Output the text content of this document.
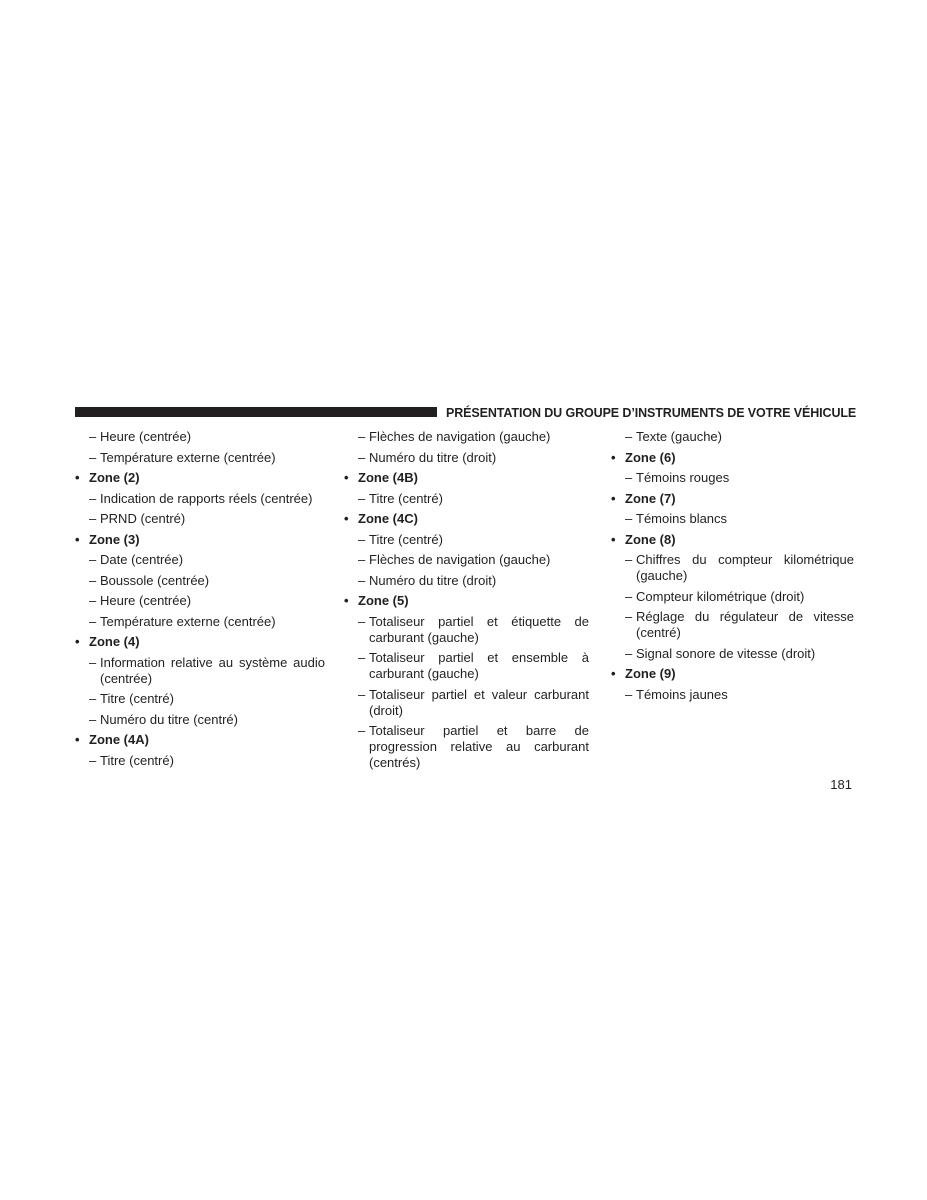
PRÉSENTATION DU GROUPE D’INSTRUMENTS DE VOTRE VÉHICULE
– Heure (centrée)
– Température externe (centrée)
• Zone (2)
– Indication de rapports réels (centrée)
– PRND (centré)
• Zone (3)
– Date (centrée)
– Boussole (centrée)
– Heure (centrée)
– Température externe (centrée)
• Zone (4)
– Information relative au système audio (centrée)
– Titre (centré)
– Numéro du titre (centré)
• Zone (4A)
– Titre (centré)
– Flèches de navigation (gauche)
– Numéro du titre (droit)
• Zone (4B)
– Titre (centré)
• Zone (4C)
– Titre (centré)
– Flèches de navigation (gauche)
– Numéro du titre (droit)
• Zone (5)
– Totaliseur partiel et étiquette de carburant (gauche)
– Totaliseur partiel et ensemble à carburant (gauche)
– Totaliseur partiel et valeur carburant (droit)
– Totaliseur partiel et barre de progression relative au carburant (centrés)
– Texte (gauche)
• Zone (6)
– Témoins rouges
• Zone (7)
– Témoins blancs
• Zone (8)
– Chiffres du compteur kilométrique (gauche)
– Compteur kilométrique (droit)
– Réglage du régulateur de vitesse (centré)
– Signal sonore de vitesse (droit)
• Zone (9)
– Témoins jaunes
181
